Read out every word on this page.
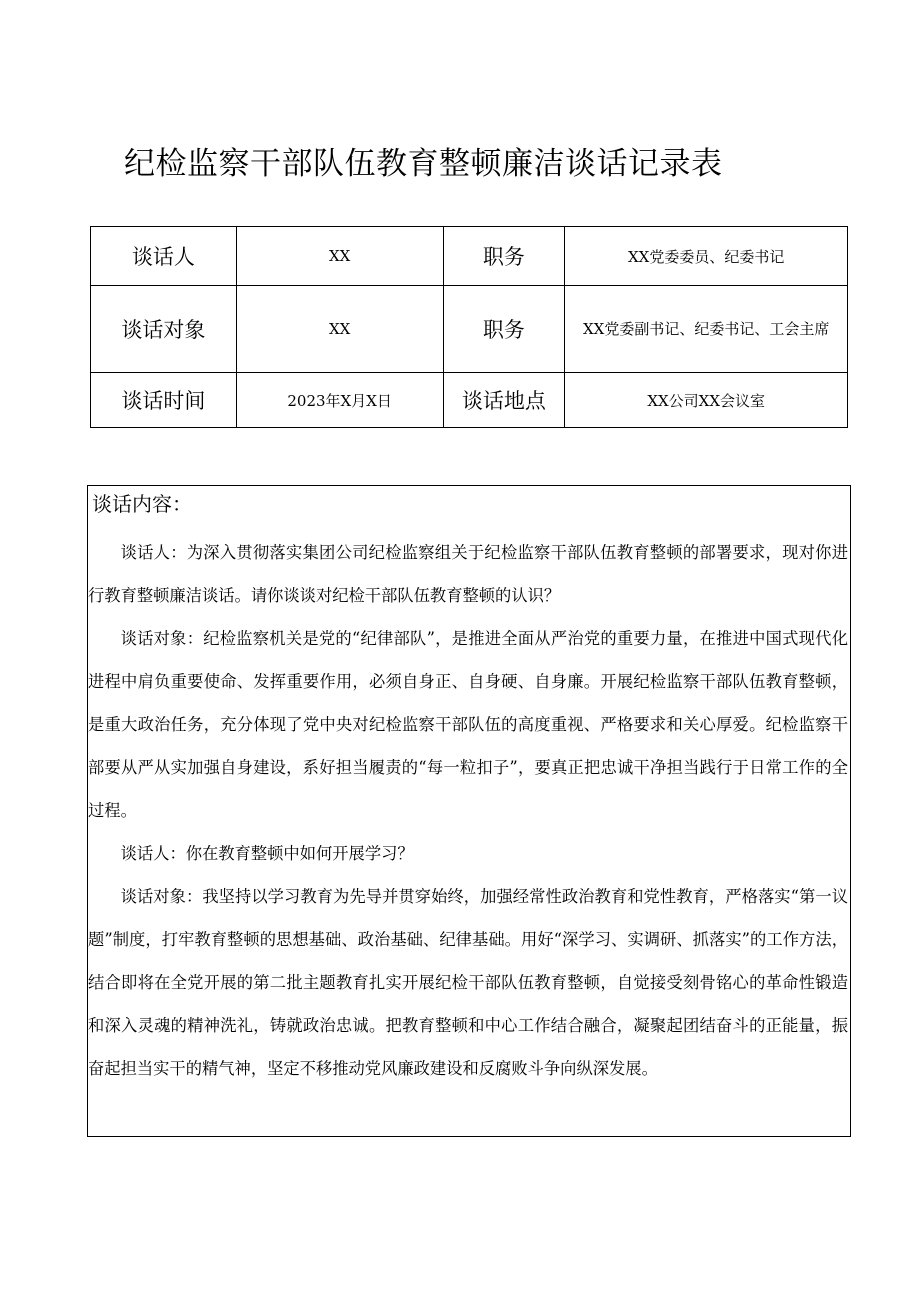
纪检监察干部队伍教育整顿廉洁谈话记录表
谈话人	XX	职务	XX党委委员、纪委书记
谈话对象	XX	职务	XX党委副书记、纪委书记、工会主席
谈话时间	2023年X月X日	谈话地点	XX公司XX会议室
谈话内容：

谈话人：为深入贯彻落实集团公司纪检监察组关于纪检监察干部队伍教育整顿的部署要求，现对你进行教育整顿廉洁谈话。请你谈谈对纪检干部队伍教育整顿的认识？

谈话对象：纪检监察机关是党的“纪律部队”，是推进全面从严治党的重要力量，在推进中国式现代化进程中肩负重要使命、发挥重要作用，必须自身正、自身硬、自身廉。开展纪检监察干部队伍教育整顿，是重大政治任务，充分体现了党中央对纪检监察干部队伍的高度重视、严格要求和关心厚爱。纪检监察干部要从严从实加强自身建设，系好担当履责的“每一粒扣子”，要真正把忠诚干净担当践行于日常工作的全过程。

谈话人：你在教育整顿中如何开展学习？

谈话对象：我坚持以学习教育为先导并贯穿始终，加强经常性政治教育和党性教育，严格落实“第一议题”制度，打牢教育整顿的思想基础、政治基础、纪律基础。用好“深学习、实调研、抓落实”的工作方法，结合即将在全党开展的第二批主题教育扎实开展纪检干部队伍教育整顿，自觉接受刻骨铭心的革命性锻造和深入灵魂的精神洗礼，铸就政治忠诚。把教育整顿和中心工作结合融合，凝聚起团结奋斗的正能量，振奋起担当实干的精气神，坚定不移推动党风廉政建设和反腐败斗争向纵深发展。
